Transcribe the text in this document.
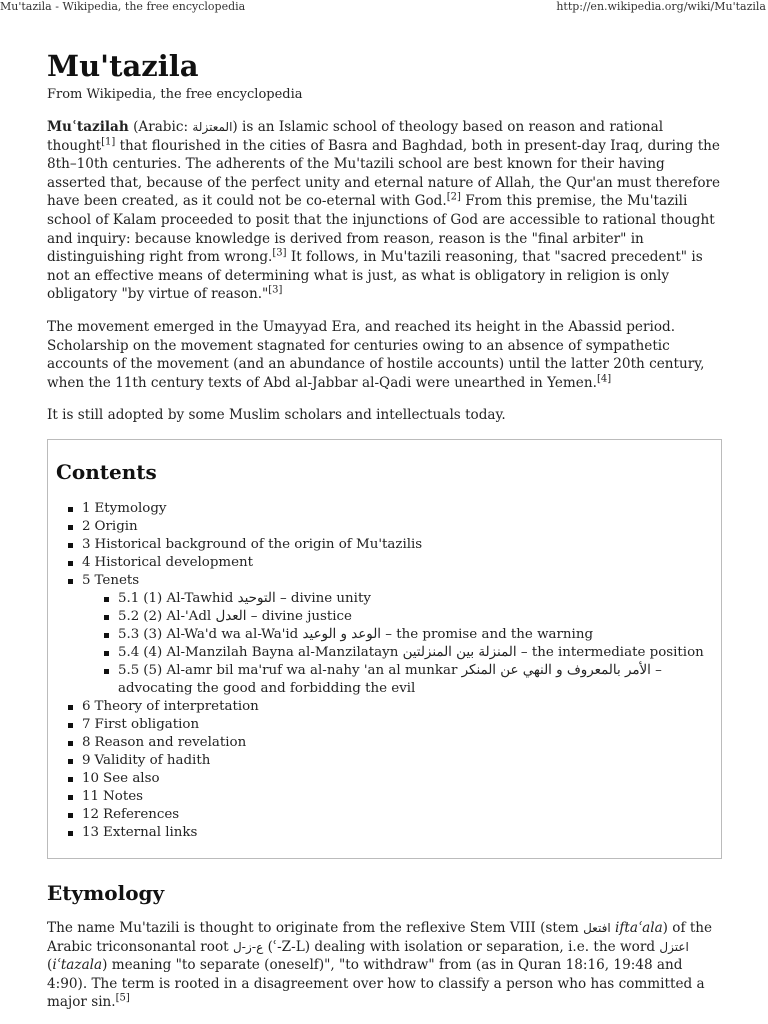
Mu'tazila - Wikipedia, the free encyclopedia	http://en.wikipedia.org/wiki/Mu'tazila
Mu'tazila
From Wikipedia, the free encyclopedia

Muʿtazilah (Arabic: المعتزلة) is an Islamic school of theology based on reason and rational thought[1] that flourished in the cities of Basra and Baghdad, both in present-day Iraq, during the 8th–10th centuries. The adherents of the Mu'tazili school are best known for their having asserted that, because of the perfect unity and eternal nature of Allah, the Qur'an must therefore have been created, as it could not be co-eternal with God.[2] From this premise, the Mu'tazili school of Kalam proceeded to posit that the injunctions of God are accessible to rational thought and inquiry: because knowledge is derived from reason, reason is the "final arbiter" in distinguishing right from wrong.[3] It follows, in Mu'tazili reasoning, that "sacred precedent" is not an effective means of determining what is just, as what is obligatory in religion is only obligatory "by virtue of reason."[3]

The movement emerged in the Umayyad Era, and reached its height in the Abassid period. Scholarship on the movement stagnated for centuries owing to an absence of sympathetic accounts of the movement (and an abundance of hostile accounts) until the latter 20th century, when the 11th century texts of Abd al-Jabbar al-Qadi were unearthed in Yemen.[4]

It is still adopted by some Muslim scholars and intellectuals today.

Contents
1 Etymology
2 Origin
3 Historical background of the origin of Mu'tazilis
4 Historical development
5 Tenets
5.1 (1) Al-Tawhid التوحيد – divine unity
5.2 (2) Al-'Adl العدل – divine justice
5.3 (3) Al-Wa'd wa al-Wa'id الوعد و الوعيد – the promise and the warning
5.4 (4) Al-Manzilah Bayna al-Manzilatayn المنزلة بين المنزلتين – the intermediate position
5.5 (5) Al-amr bil ma'ruf wa al-nahy 'an al munkar الأمر بالمعروف و النهي عن المنكر – advocating the good and forbidding the evil
6 Theory of interpretation
7 First obligation
8 Reason and revelation
9 Validity of hadith
10 See also
11 Notes
12 References
13 External links
Etymology

The name Mu'tazili is thought to originate from the reflexive Stem VIII (stem افتعل iftaʿala) of the Arabic triconsonantal root ع-ز-ل (ʿ-Z-L) dealing with isolation or separation, i.e. the word اعتزل (iʿtazala) meaning "to separate (oneself)", "to withdraw" from (as in Quran 18:16, 19:48 and 4:90). The term is rooted in a disagreement over how to classify a person who has committed a major sin.[5]
